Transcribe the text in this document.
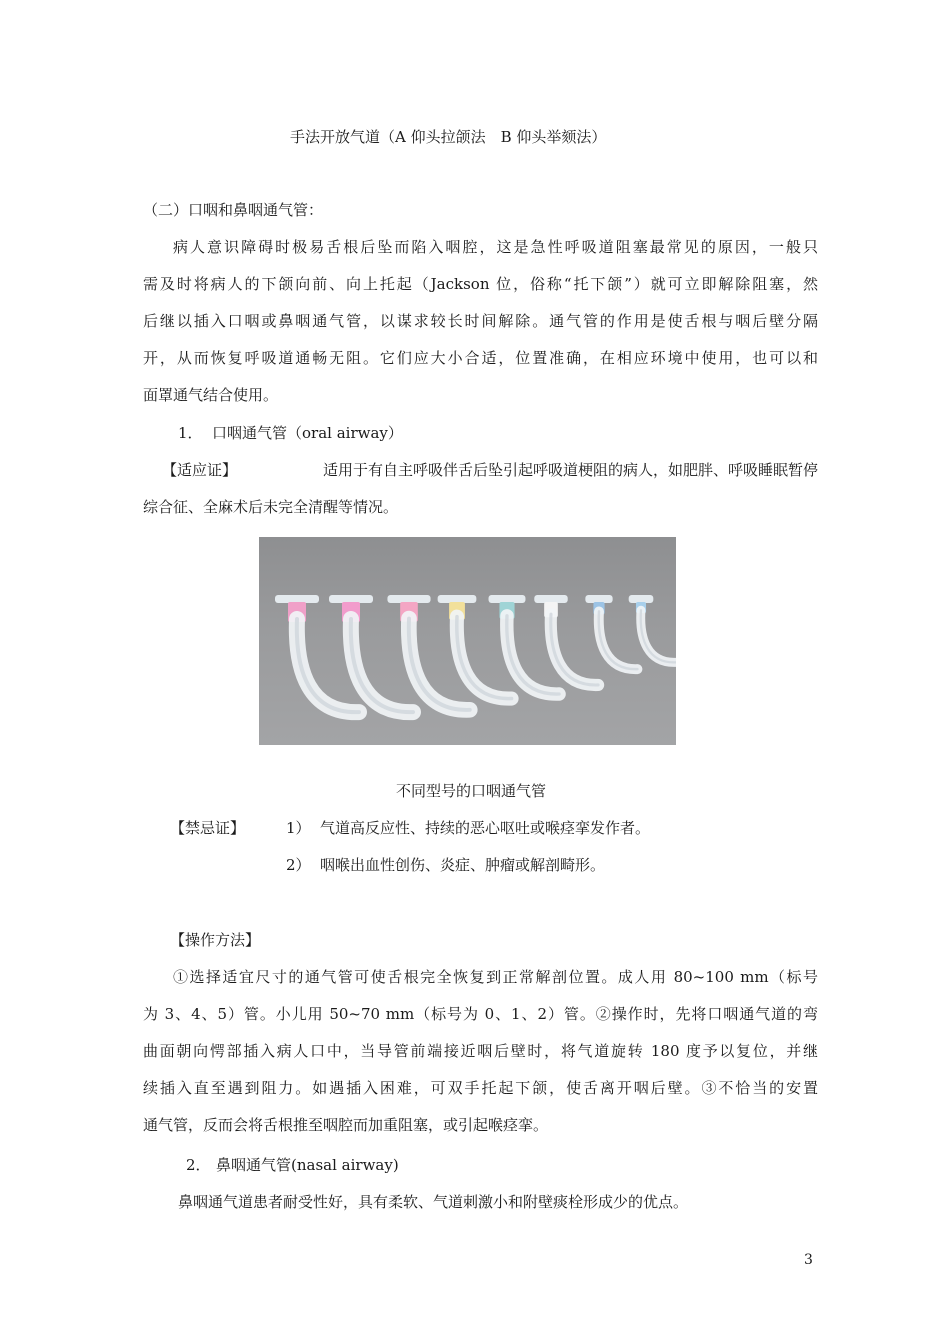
手法开放气道（A 仰头拉颌法　B 仰头举颏法）
（二）口咽和鼻咽通气管：
病人意识障碍时极易舌根后坠而陷入咽腔，这是急性呼吸道阻塞最常见的原因，一般只
需及时将病人的下颌向前、向上托起（Jackson 位，俗称“托下颌”）就可立即解除阻塞，然
后继以插入口咽或鼻咽通气管，以谋求较长时间解除。通气管的作用是使舌根与咽后壁分隔
开，从而恢复呼吸道通畅无阻。它们应大小合适，位置准确，在相应环境中使用，也可以和
面罩通气结合使用。
1． 口咽通气管（oral airway）
【适应证】	适用于有自主呼吸伴舌后坠引起呼吸道梗阻的病人，如肥胖、呼吸睡眠暂停
综合征、全麻术后未完全清醒等情况。
不同型号的口咽通气管
【禁忌证】	1） 气道高反应性、持续的恶心呕吐或喉痉挛发作者。
2） 咽喉出血性创伤、炎症、肿瘤或解剖畸形。
【操作方法】
①选择适宜尺寸的通气管可使舌根完全恢复到正常解剖位置。成人用 80~100 mm（标号
为 3、4、5）管。小儿用 50~70 mm（标号为 0、1、2）管。②操作时，先将口咽通气道的弯
曲面朝向愕部插入病人口中，当导管前端接近咽后壁时，将气道旋转 180 度予以复位，并继
续插入直至遇到阻力。如遇插入困难，可双手托起下颌，使舌离开咽后壁。③不恰当的安置
通气管，反而会将舌根推至咽腔而加重阻塞，或引起喉痉挛。
2． 鼻咽通气管(nasal airway)
鼻咽通气道患者耐受性好，具有柔软、气道刺激小和附壁痰栓形成少的优点。
3
